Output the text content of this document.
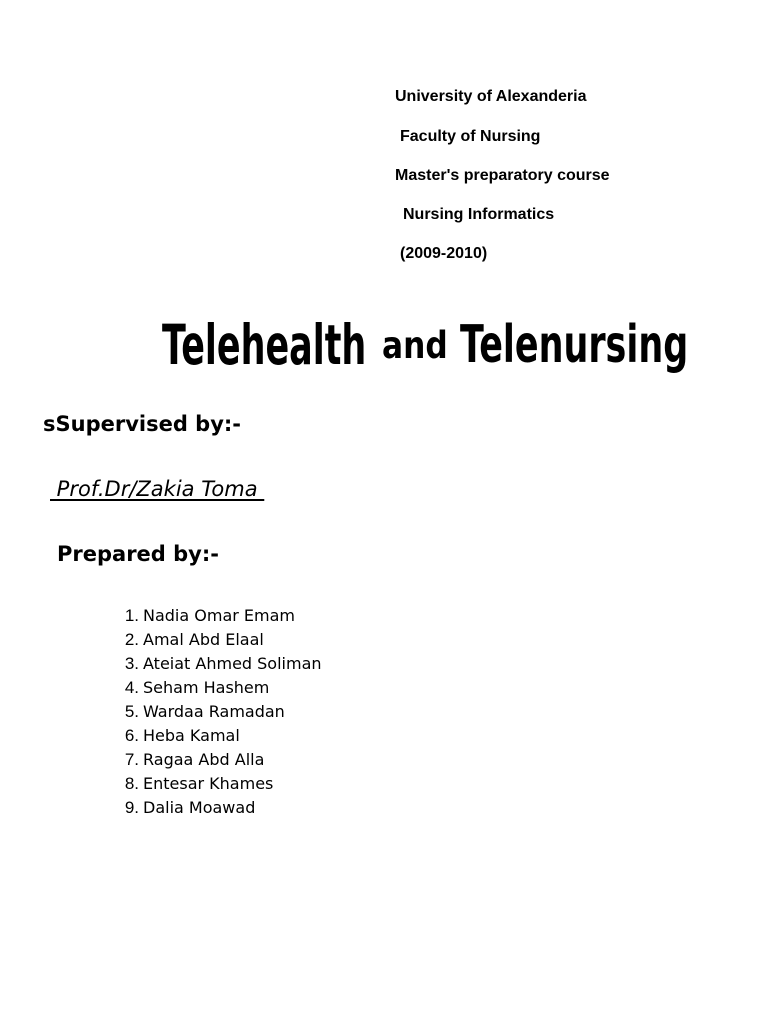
University of Alexanderia
Faculty of Nursing
Master's preparatory course
Nursing Informatics
(2009-2010)
Telehealth and Telenursing
sSupervised by:-
Prof.Dr/Zakia Toma
Prepared by:-
1. Nadia Omar Emam
2. Amal Abd Elaal
3. Ateiat Ahmed Soliman
4. Seham Hashem
5. Wardaa Ramadan
6. Heba Kamal
7. Ragaa Abd Alla
8. Entesar Khames
9. Dalia Moawad
